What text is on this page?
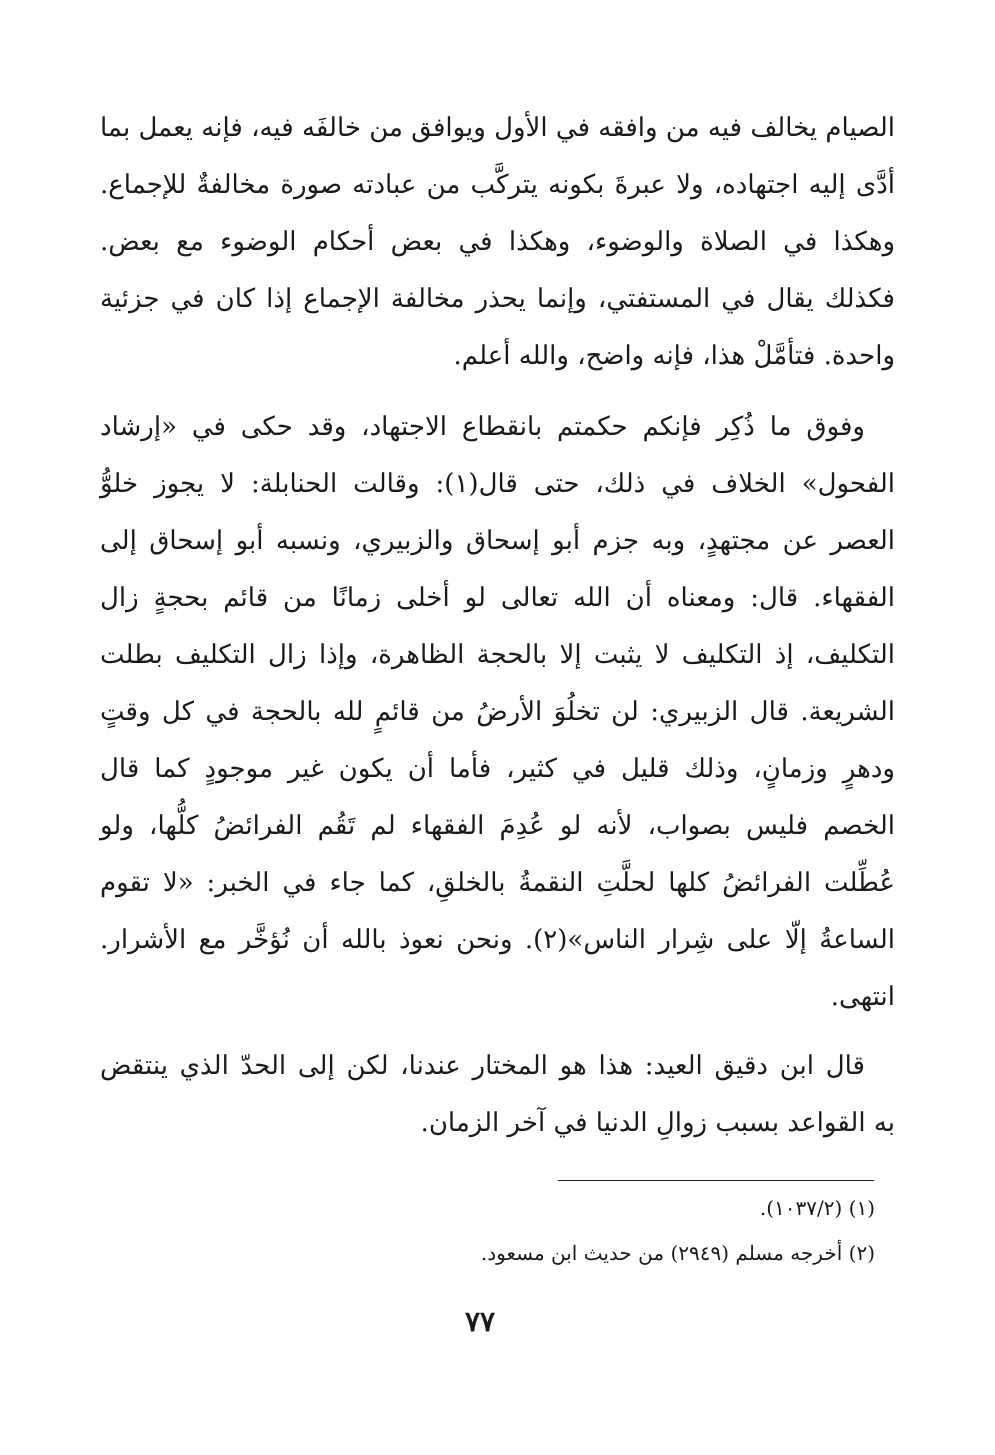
الصيام يخالف فيه من وافقه في الأول ويوافق من خالفَه فيه، فإنه يعمل بما
أدَّى إليه اجتهاده، ولا عبرةَ بكونه يتركَّب من عبادته صورة مخالفةٌ للإجماع.
وهكذا في الصلاة والوضوء، وهكذا في بعض أحكام الوضوء مع بعض.
فكذلك يقال في المستفتي، وإنما يحذر مخالفة الإجماع إذا كان في جزئية
واحدة. فتأمَّلْ هذا، فإنه واضح، والله أعلم.
وفوق ما ذُكِر فإنكم حكمتم بانقطاع الاجتهاد، وقد حكى في «إرشاد
الفحول» الخلاف في ذلك، حتى قال(١): وقالت الحنابلة: لا يجوز خلوُّ
العصر عن مجتهدٍ، وبه جزم أبو إسحاق والزبيري، ونسبه أبو إسحاق إلى
الفقهاء. قال: ومعناه أن الله تعالى لو أخلى زمانًا من قائم بحجةٍ زال
التكليف، إذ التكليف لا يثبت إلا بالحجة الظاهرة، وإذا زال التكليف بطلت
الشريعة. قال الزبيري: لن تخلُوَ الأرضُ من قائمٍ لله بالحجة في كل وقتٍ
ودهرٍ وزمانٍ، وذلك قليل في كثير، فأما أن يكون غير موجودٍ كما قال
الخصم فليس بصواب، لأنه لو عُدِمَ الفقهاء لم تَقُم الفرائضُ كلُّها، ولو
عُطِّلت الفرائضُ كلها لحلَّتِ النقمةُ بالخلقِ، كما جاء في الخبر: «لا تقوم
الساعةُ إلّا على شِرار الناس»(٢). ونحن نعوذ بالله أن نُؤخَّر مع الأشرار.
انتهى.
قال ابن دقيق العيد: هذا هو المختار عندنا، لكن إلى الحدّ الذي ينتقض
به القواعد بسبب زوالِ الدنيا في آخر الزمان.
(١) (١٠٣٧/٢).
(٢) أخرجه مسلم (٢٩٤٩) من حديث ابن مسعود.
٧٧
